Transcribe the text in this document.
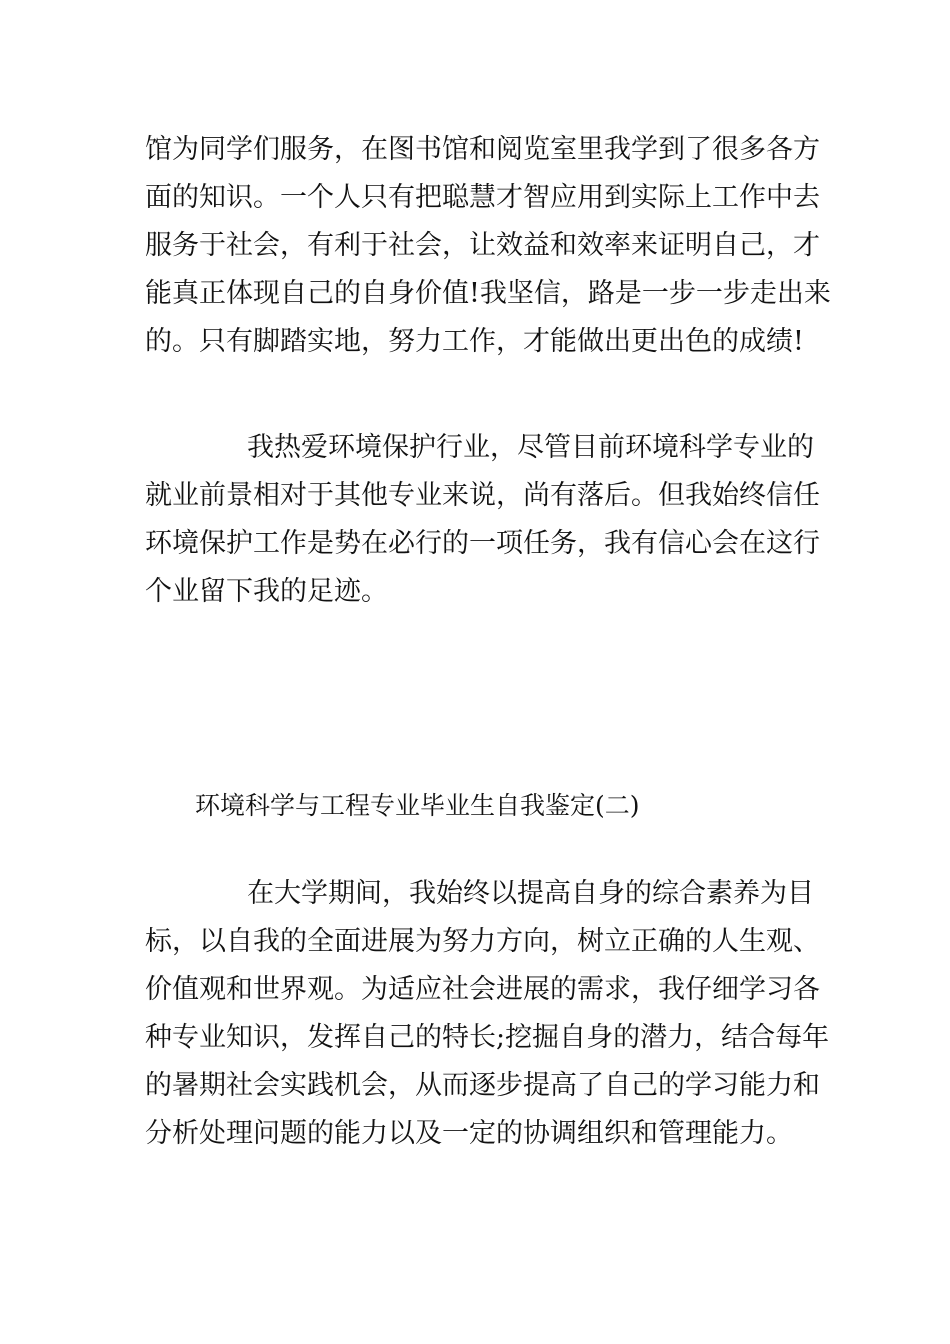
馆为同学们服务，在图书馆和阅览室里我学到了很多各方
面的知识。一个人只有把聪慧才智应用到实际上工作中去
服务于社会，有利于社会，让效益和效率来证明自己，才
能真正体现自己的自身价值!我坚信，路是一步一步走出来
的。只有脚踏实地，努力工作，才能做出更出色的成绩!
我热爱环境保护行业，尽管目前环境科学专业的
就业前景相对于其他专业来说，尚有落后。但我始终信任
环境保护工作是势在必行的一项任务，我有信心会在这行
个业留下我的足迹。
环境科学与工程专业毕业生自我鉴定(二)
在大学期间，我始终以提高自身的综合素养为目
标，以自我的全面进展为努力方向，树立正确的人生观、
价值观和世界观。为适应社会进展的需求，我仔细学习各
种专业知识，发挥自己的特长;挖掘自身的潜力，结合每年
的暑期社会实践机会，从而逐步提高了自己的学习能力和
分析处理问题的能力以及一定的协调组织和管理能力。
